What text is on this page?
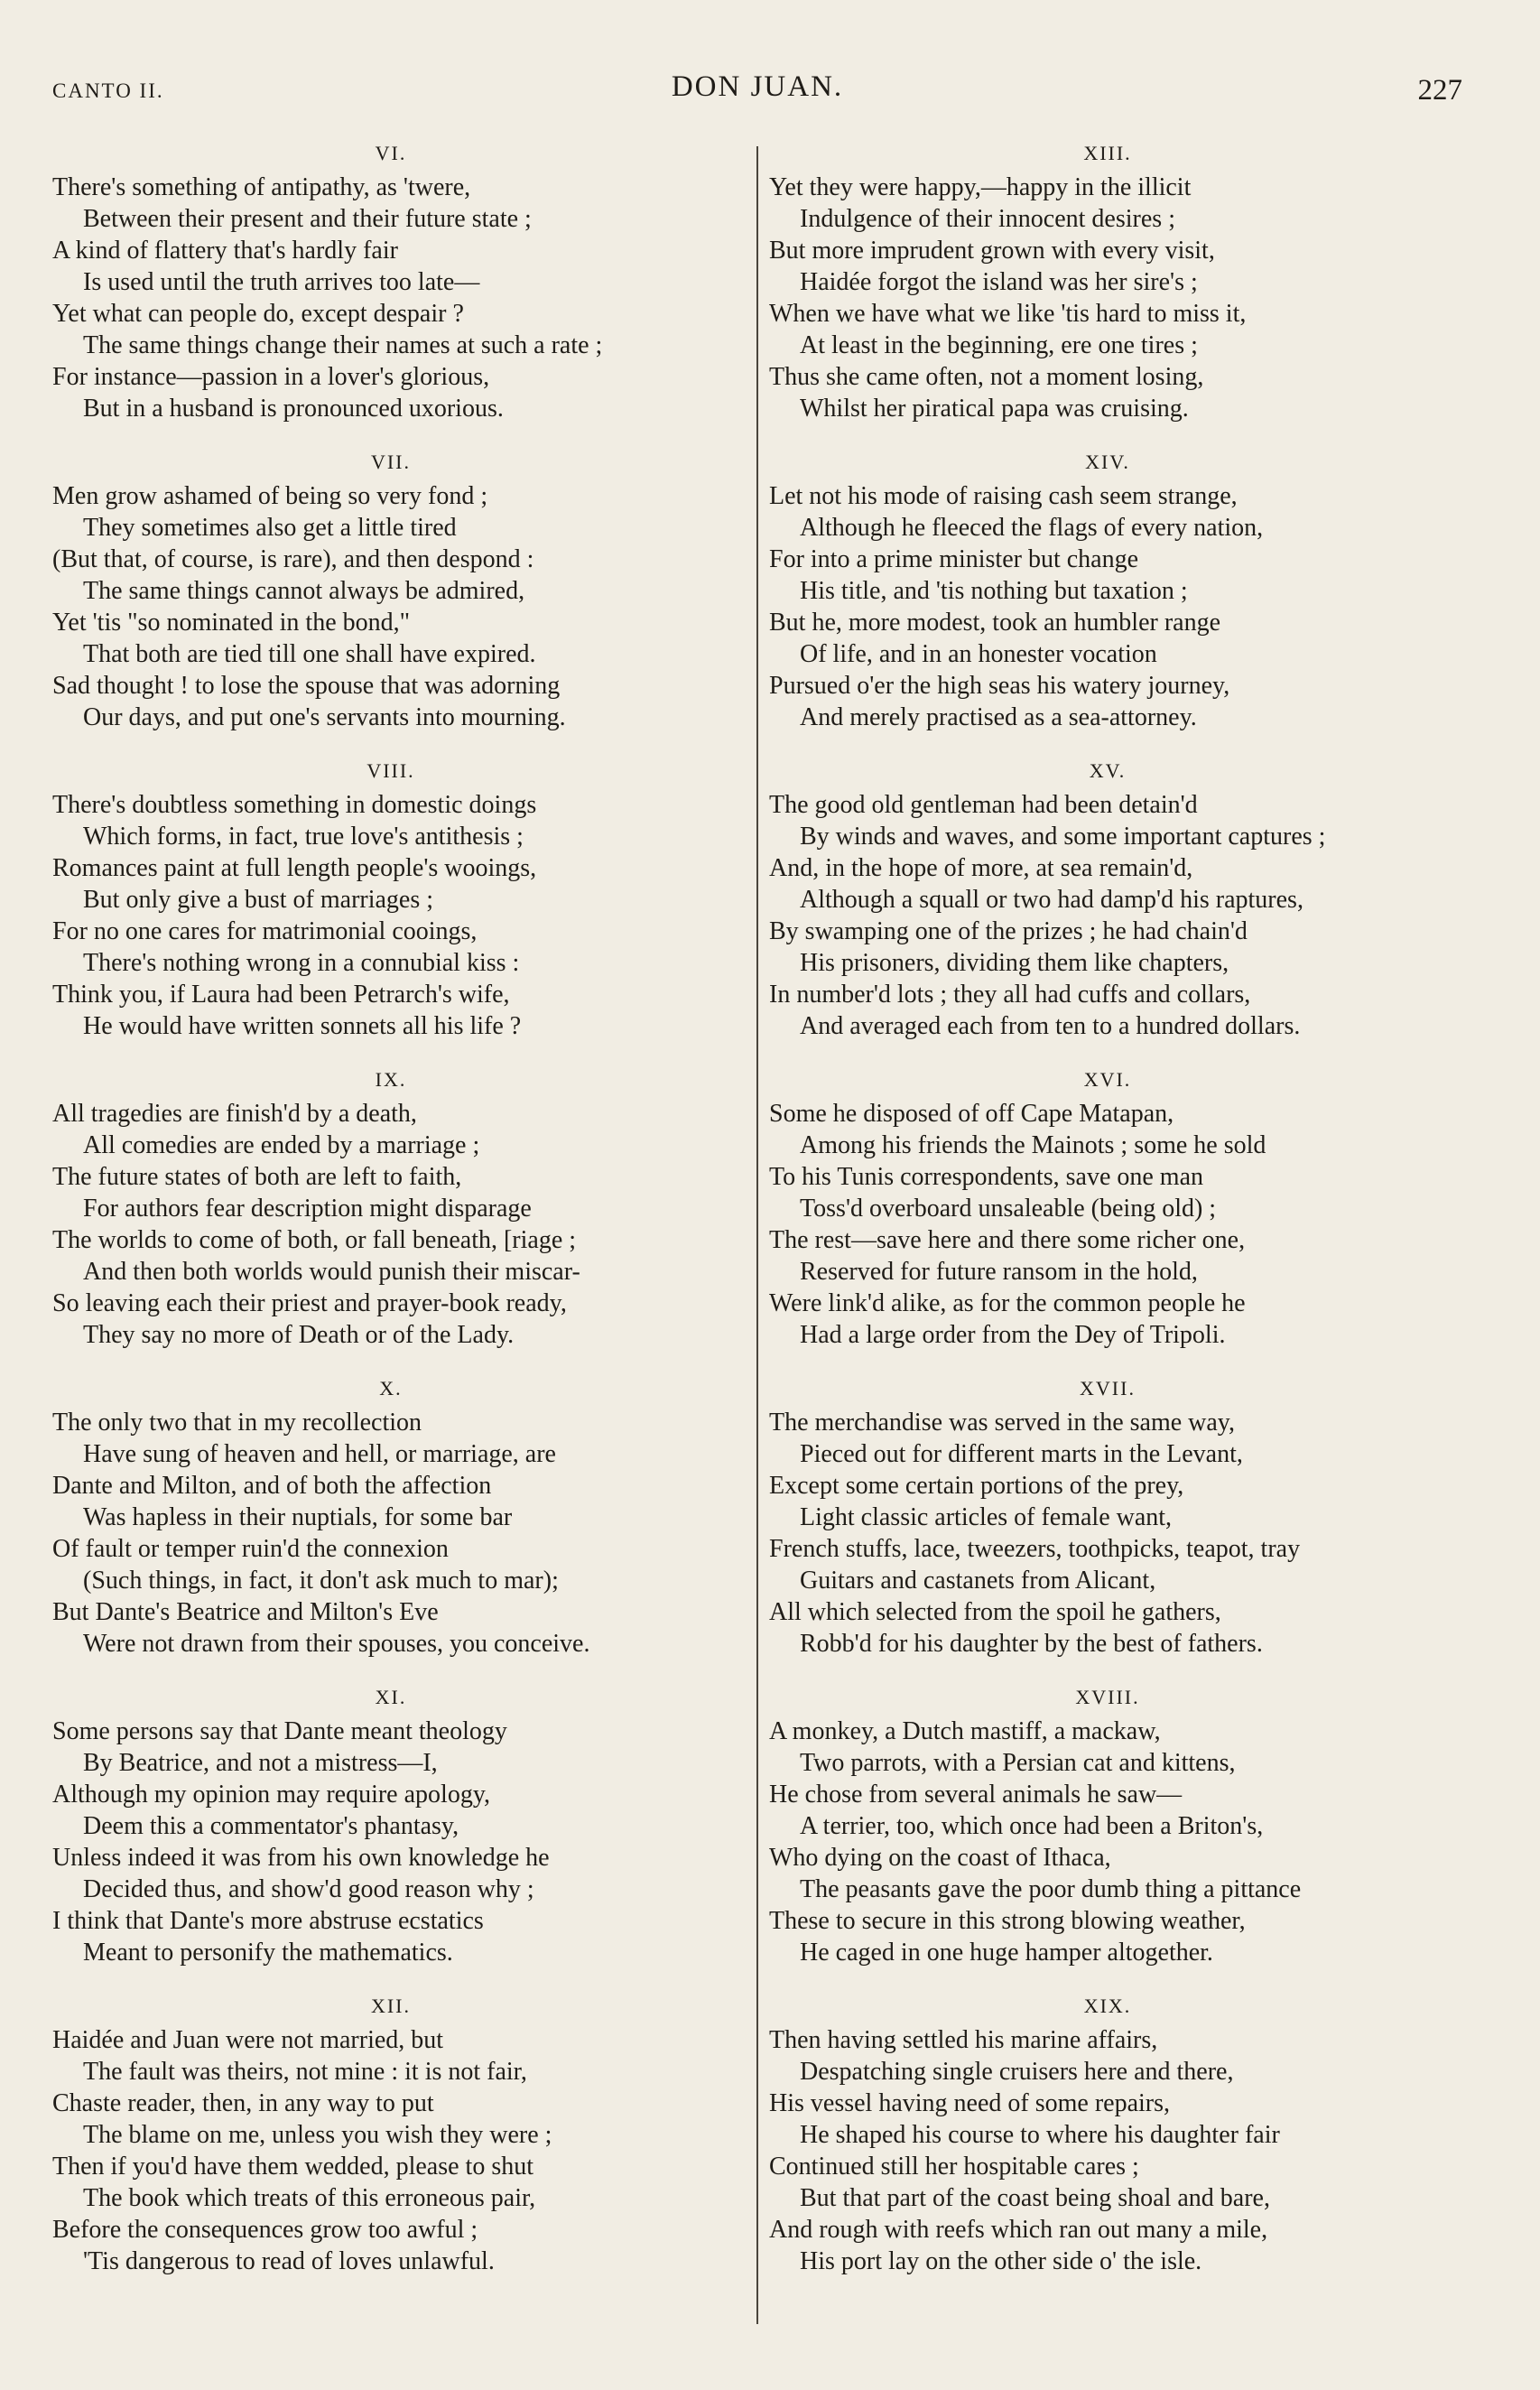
CANTO II.	DON JUAN.	227
VI.
There's something of antipathy, as 'twere,
Between their present and their future state ;
A kind of flattery that's hardly fair
Is used until the truth arrives too late—
Yet what can people do, except despair ?
The same things change their names at such a rate ;
For instance—passion in a lover's glorious,
But in a husband is pronounced uxorious.
VII.
Men grow ashamed of being so very fond ;
They sometimes also get a little tired
(But that, of course, is rare), and then despond :
The same things cannot always be admired,
Yet 'tis "so nominated in the bond,"
That both are tied till one shall have expired.
Sad thought ! to lose the spouse that was adorning
Our days, and put one's servants into mourning.
VIII.
There's doubtless something in domestic doings
Which forms, in fact, true love's antithesis ;
Romances paint at full length people's wooings,
But only give a bust of marriages ;
For no one cares for matrimonial cooings,
There's nothing wrong in a connubial kiss :
Think you, if Laura had been Petrarch's wife,
He would have written sonnets all his life ?
IX.
All tragedies are finish'd by a death,
All comedies are ended by a marriage ;
The future states of both are left to faith,
For authors fear description might disparage
The worlds to come of both, or fall beneath, [riage ;
And then both worlds would punish their miscar-
So leaving each their priest and prayer-book ready,
They say no more of Death or of the Lady.
X.
The only two that in my recollection
Have sung of heaven and hell, or marriage, are
Dante and Milton, and of both the affection
Was hapless in their nuptials, for some bar
Of fault or temper ruin'd the connexion
(Such things, in fact, it don't ask much to mar);
But Dante's Beatrice and Milton's Eve
Were not drawn from their spouses, you conceive.
XI.
Some persons say that Dante meant theology
By Beatrice, and not a mistress—I,
Although my opinion may require apology,
Deem this a commentator's phantasy,
Unless indeed it was from his own knowledge he
Decided thus, and show'd good reason why ;
I think that Dante's more abstruse ecstatics
Meant to personify the mathematics.
XII.
Haidée and Juan were not married, but
The fault was theirs, not mine : it is not fair,
Chaste reader, then, in any way to put
The blame on me, unless you wish they were ;
Then if you'd have them wedded, please to shut
The book which treats of this erroneous pair,
Before the consequences grow too awful ;
'Tis dangerous to read of loves unlawful.
XIII.
Yet they were happy,—happy in the illicit
Indulgence of their innocent desires ;
But more imprudent grown with every visit,
Haidée forgot the island was her sire's ;
When we have what we like 'tis hard to miss it,
At least in the beginning, ere one tires ;
Thus she came often, not a moment losing,
Whilst her piratical papa was cruising.
XIV.
Let not his mode of raising cash seem strange,
Although he fleeced the flags of every nation,
For into a prime minister but change
His title, and 'tis nothing but taxation ;
But he, more modest, took an humbler range
Of life, and in an honester vocation
Pursued o'er the high seas his watery journey,
And merely practised as a sea-attorney.
XV.
The good old gentleman had been detain'd
By winds and waves, and some important captures ;
And, in the hope of more, at sea remain'd,
Although a squall or two had damp'd his raptures,
By swamping one of the prizes ; he had chain'd
His prisoners, dividing them like chapters,
In number'd lots ; they all had cuffs and collars,
And averaged each from ten to a hundred dollars.
XVI.
Some he disposed of off Cape Matapan,
Among his friends the Mainots ; some he sold
To his Tunis correspondents, save one man
Toss'd overboard unsaleable (being old) ;
The rest—save here and there some richer one,
Reserved for future ransom in the hold,
Were link'd alike, as for the common people he
Had a large order from the Dey of Tripoli.
XVII.
The merchandise was served in the same way,
Pieced out for different marts in the Levant,
Except some certain portions of the prey,
Light classic articles of female want,
French stuffs, lace, tweezers, toothpicks, teapot, tray
Guitars and castanets from Alicant,
All which selected from the spoil he gathers,
Robb'd for his daughter by the best of fathers.
XVIII.
A monkey, a Dutch mastiff, a mackaw,
Two parrots, with a Persian cat and kittens,
He chose from several animals he saw—
A terrier, too, which once had been a Briton's,
Who dying on the coast of Ithaca,
The peasants gave the poor dumb thing a pittance
These to secure in this strong blowing weather,
He caged in one huge hamper altogether.
XIX.
Then having settled his marine affairs,
Despatching single cruisers here and there,
His vessel having need of some repairs,
He shaped his course to where his daughter fair
Continued still her hospitable cares ;
But that part of the coast being shoal and bare,
And rough with reefs which ran out many a mile,
His port lay on the other side o' the isle.
